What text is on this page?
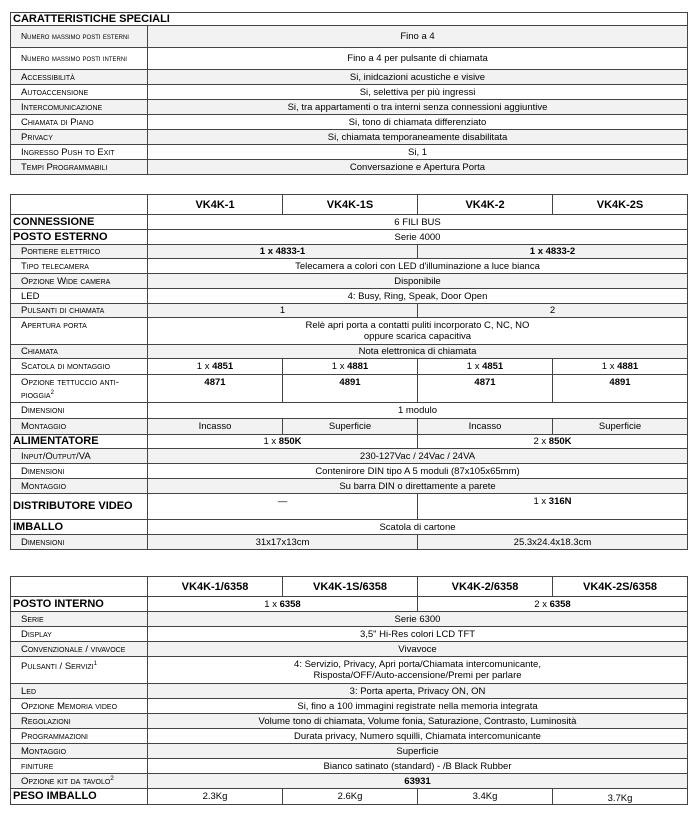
CARATTERISTICHE SPECIALI	
Numero massimo posti esterni	Fino a 4
Numero massimo posti interni	Fino a 4 per pulsante di chiamata
Accessibilità	Si, inidcazioni acustiche e visive
Autoaccensione	Si, selettiva per più ingressi
Intercomunicazione	Si, tra appartamenti o tra interni senza connessioni aggiuntive
Chiamata di Piano	Si, tono di chiamata differenziato
Privacy	Si, chiamata temporaneamente disabilitata
Ingresso Push to Exit	Si, 1
Tempi Programmabili	Conversazione e Apertura Porta
	VK4K-1	VK4K-1S	VK4K-2	VK4K-2S
CONNESSIONE	6 FILI BUS			
POSTO ESTERNO	Serie 4000			
Portiere elettrico	1 x 4833-1		1 x 4833-2	
Tipo telecamera	Telecamera a colori con LED d'illuminazione a luce bianca			
Opzione Wide camera	Disponibile			
LED	4: Busy, Ring, Speak, Door Open			
Pulsanti di chiamata	1		2	
Apertura porta	Relè apri porta a contatti puliti incorporato C, NC, NO
oppure scarica capacitiva			

Chiamata	Nota elettronica di chiamata			
Scatola di montaggio	1 x 4851	1 x 4881	1 x 4851	1 x 4881
Opzione tettuccio anti-pioggia$^2$	4871	4891	4871	4891
Dimensioni	1 modulo			
Montaggio	Incasso	Superficie	Incasso	Superficie
ALIMENTATORE	1 x 850K		2 x 850K	
Input/Output/VA	230-127Vac / 24Vac / 24VA			
Dimensioni	Contenirore DIN tipo A 5 moduli (87x105x65mm)			
Montaggio	Su barra DIN o direttamente a parete			
DISTRIBUTORE VIDEO	—		1 x 316N	
IMBALLO	Scatola di cartone			
Dimensioni	31x17x13cm		25.3x24.4x18.3cm	
	VK4K-1/6358	VK4K-1S/6358	VK4K-2/6358	VK4K-2S/6358
POSTO INTERNO	1 x 6358		2 x 6358	
Serie	Serie 6300			
Display	3,5" Hi-Res colori LCD TFT			
Convenzionale / vivavoce	Vivavoce			
Pulsanti / Servizi$^1$	4: Servizio, Privacy, Apri porta/Chiamata intercomunicante,
Risposta/OFF/Auto-accensione/Premi per parlare			

Led	3: Porta aperta, Privacy ON, ON			
Opzione Memoria video	Si, fino a 100 immagini registrate nella memoria integrata			
Regolazioni	Volume tono di chiamata, Volume fonia, Saturazione, Contrasto, Luminosità			
Programmazioni	Durata privacy, Numero squilli, Chiamata intercomunicante			
Montaggio	Superficie			
finiture	Bianco satinato (standard) - /B Black Rubber			
Opzione kit da tavolo$^2$	63931			
PESO IMBALLO	2.3Kg	2.6Kg	3.4Kg	3.7Kg
